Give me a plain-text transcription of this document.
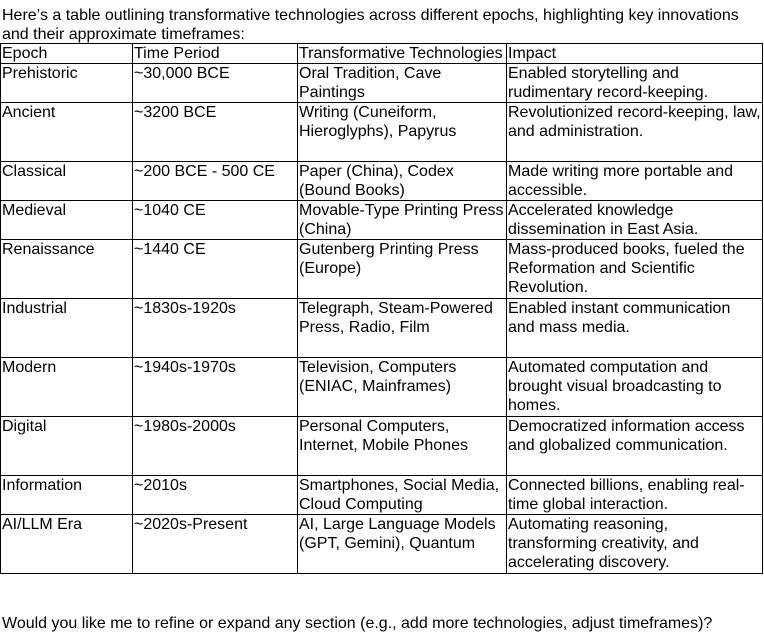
Here’s a table outlining transformative technologies across different epochs, highlighting key innovations and their approximate timeframes:

Epoch	Time Period	Transformative Technologies	Impact
Prehistoric	~30,000 BCE	Oral Tradition, Cave Paintings	Enabled storytelling and rudimentary record-keeping.
Ancient	~3200 BCE	Writing (Cuneiform, Hieroglyphs), Papyrus	Revolutionized record-keeping, law, and administration.
Classical	~200 BCE - 500 CE	Paper (China), Codex (Bound Books)	Made writing more portable and accessible.
Medieval	~1040 CE	Movable-Type Printing Press (China)	Accelerated knowledge dissemination in East Asia.
Renaissance	~1440 CE	Gutenberg Printing Press (Europe)	Mass-produced books, fueled the Reformation and Scientific Revolution.
Industrial	~1830s-1920s	Telegraph, Steam-Powered Press, Radio, Film	Enabled instant communication and mass media.
Modern	~1940s-1970s	Television, Computers (ENIAC, Mainframes)	Automated computation and brought visual broadcasting to homes.
Digital	~1980s-2000s	Personal Computers, Internet, Mobile Phones	Democratized information access and globalized communication.
Information	~2010s	Smartphones, Social Media, Cloud Computing	Connected billions, enabling real-time global interaction.
AI/LLM Era	~2020s-Present	AI, Large Language Models (GPT, Gemini), Quantum	Automating reasoning, transforming creativity, and accelerating discovery.

Would you like me to refine or expand any section (e.g., add more technologies, adjust timeframes)?
